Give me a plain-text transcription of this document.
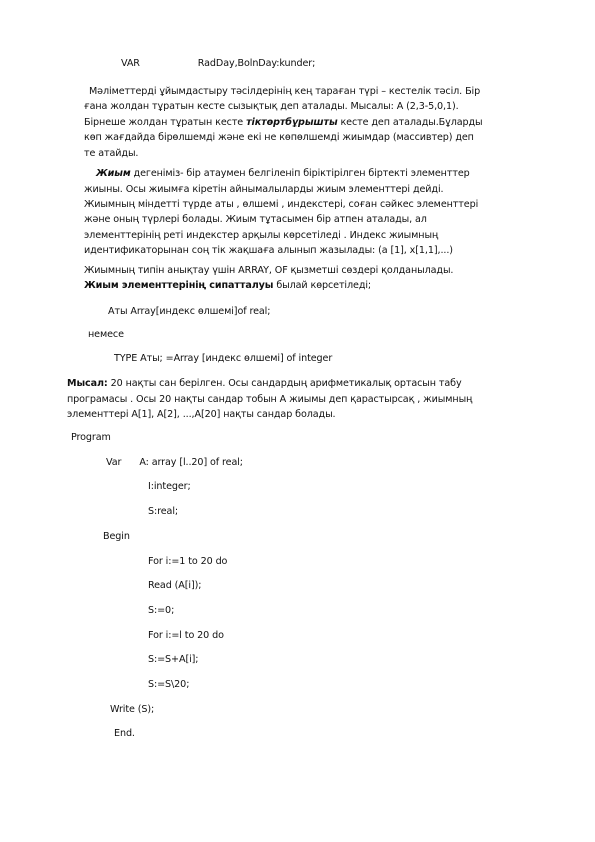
VAR	RadDay,BolnDay:kunder;
Мәліметтерді ұйымдастыру тәсілдерінің кең тараған түрі – кестелік тәсіл. Бір
ғана жолдан тұратын кесте сызықтық деп аталады. Мысалы: А (2,3-5,0,1).
Бірнеше жолдан тұратын кесте тіктөртбұрышты кесте деп аталады.Бұларды
көп жағдайда бірөлшемді және екі не көпөлшемді жиымдар (массивтер) деп
те атайды.
Жиым дегеніміз- бір атаумен белгіленіп біріктірілген біртекті элементтер
жиыны. Осы жиымға кіретін айнымалыларды жиым элементтері дейді.
Жиымның міндетті түрде аты , өлшемі , индекстері, соған сәйкес элементтері
және оның түрлері болады. Жиым тұтасымен бір атпен аталады, ал
элементтерінің реті индекстер арқылы көрсетіледі . Индекс жиымның
идентификаторынан соң тік жақшаға алынып жазылады: (а [1], x[1,1],...)
Жиымның типін анықтау үшін ARRAY, OF қызметші сөздері қолданылады.
Жиым элементтерінің сипатталуы былай көрсетіледі;
Аты Array[индекс өлшемі]of real;
немесе
TYPE Аты; =Array [индекс өлшемі] of integer
Мысал: 20 нақты сан берілген. Осы сандардың арифметикалық ортасын табу
програмасы . Осы 20 нақты сандар тобын А жиымы деп қарастырсақ , жиымның
элементтері А[1], А[2], ...,А[20] нақты сандар болады.
Program
Var A: array [l..20] of real;
I:integer;
S:real;
Begin
For i:=1 to 20 do
Read (A[i]);
S:=0;
For i:=l to 20 do
S:=S+A[i];
S:=S\20;
Write (S);
End.
